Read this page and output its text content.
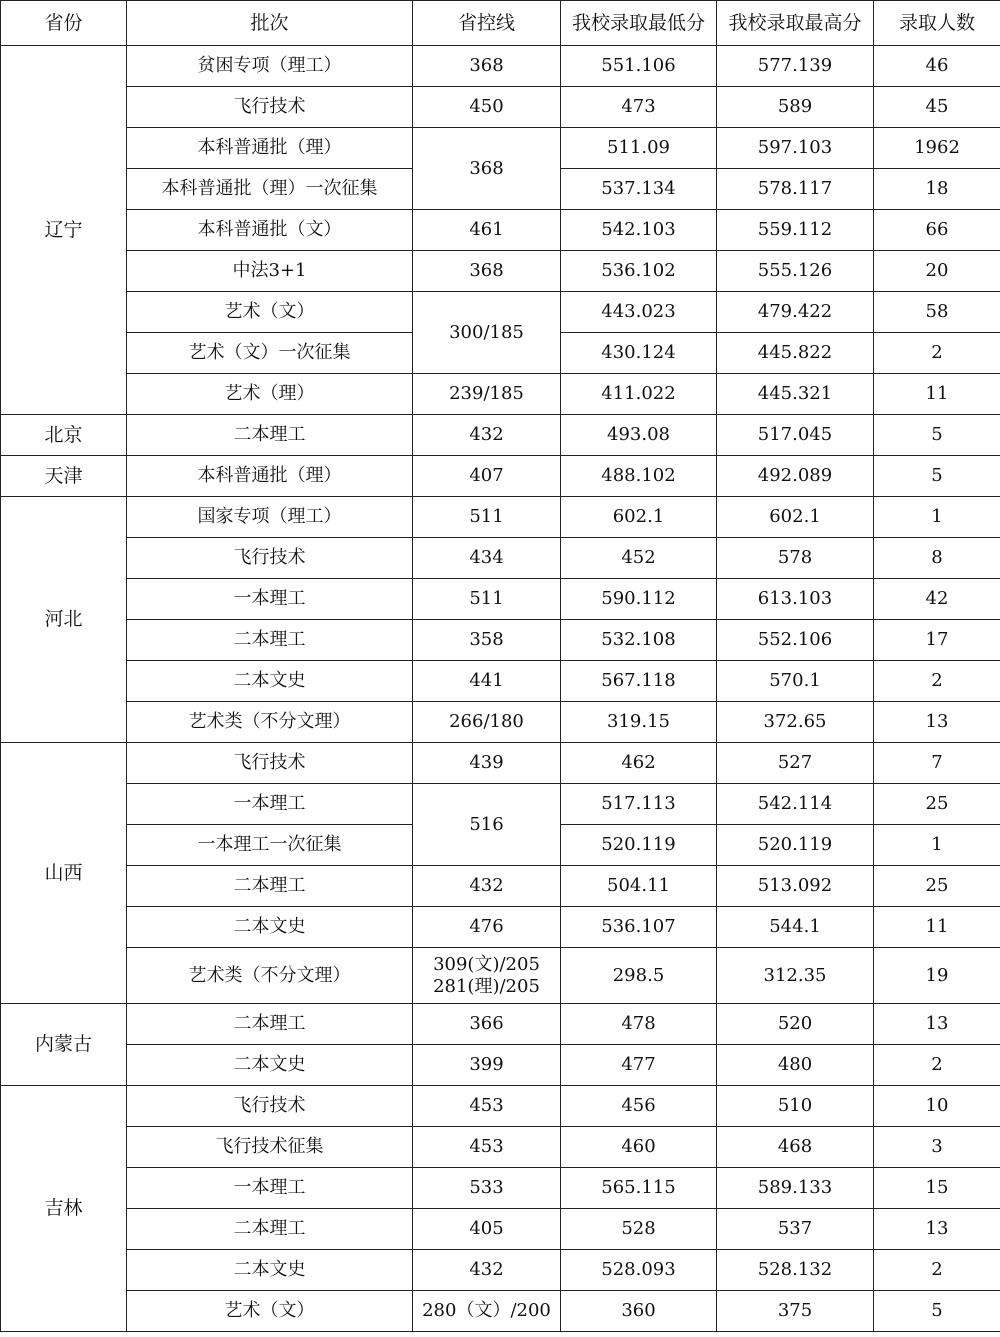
省份	批次	省控线	我校录取最低分	我校录取最高分	录取人数
辽宁	贫困专项（理工）	368	551.106	577.139	46
	飞行技术	450	473	589	45
	本科普通批（理）	368	511.09	597.103	1962
	本科普通批（理）一次征集		537.134	578.117	18
	本科普通批（文）	461	542.103	559.112	66
	中法3+1	368	536.102	555.126	20
	艺术（文）	300/185	443.023	479.422	58
	艺术（文）一次征集		430.124	445.822	2
	艺术（理）	239/185	411.022	445.321	11
北京	二本理工	432	493.08	517.045	5
天津	本科普通批（理）	407	488.102	492.089	5
河北	国家专项（理工）	511	602.1	602.1	1
	飞行技术	434	452	578	8
	一本理工	511	590.112	613.103	42
	二本理工	358	532.108	552.106	17
	二本文史	441	567.118	570.1	2
	艺术类（不分文理）	266/180	319.15	372.65	13
山西	飞行技术	439	462	527	7
	一本理工	516	517.113	542.114	25
	一本理工一次征集		520.119	520.119	1
	二本理工	432	504.11	513.092	25
	二本文史	476	536.107	544.1	11
	艺术类（不分文理）	309(文)/205
281(理)/205	298.5	312.35	19
内蒙古	二本理工	366	478	520	13
	二本文史	399	477	480	2
吉林	飞行技术	453	456	510	10
	飞行技术征集	453	460	468	3
	一本理工	533	565.115	589.133	15
	二本理工	405	528	537	13
	二本文史	432	528.093	528.132	2
	艺术（文）	280（文）/200	360	375	5
